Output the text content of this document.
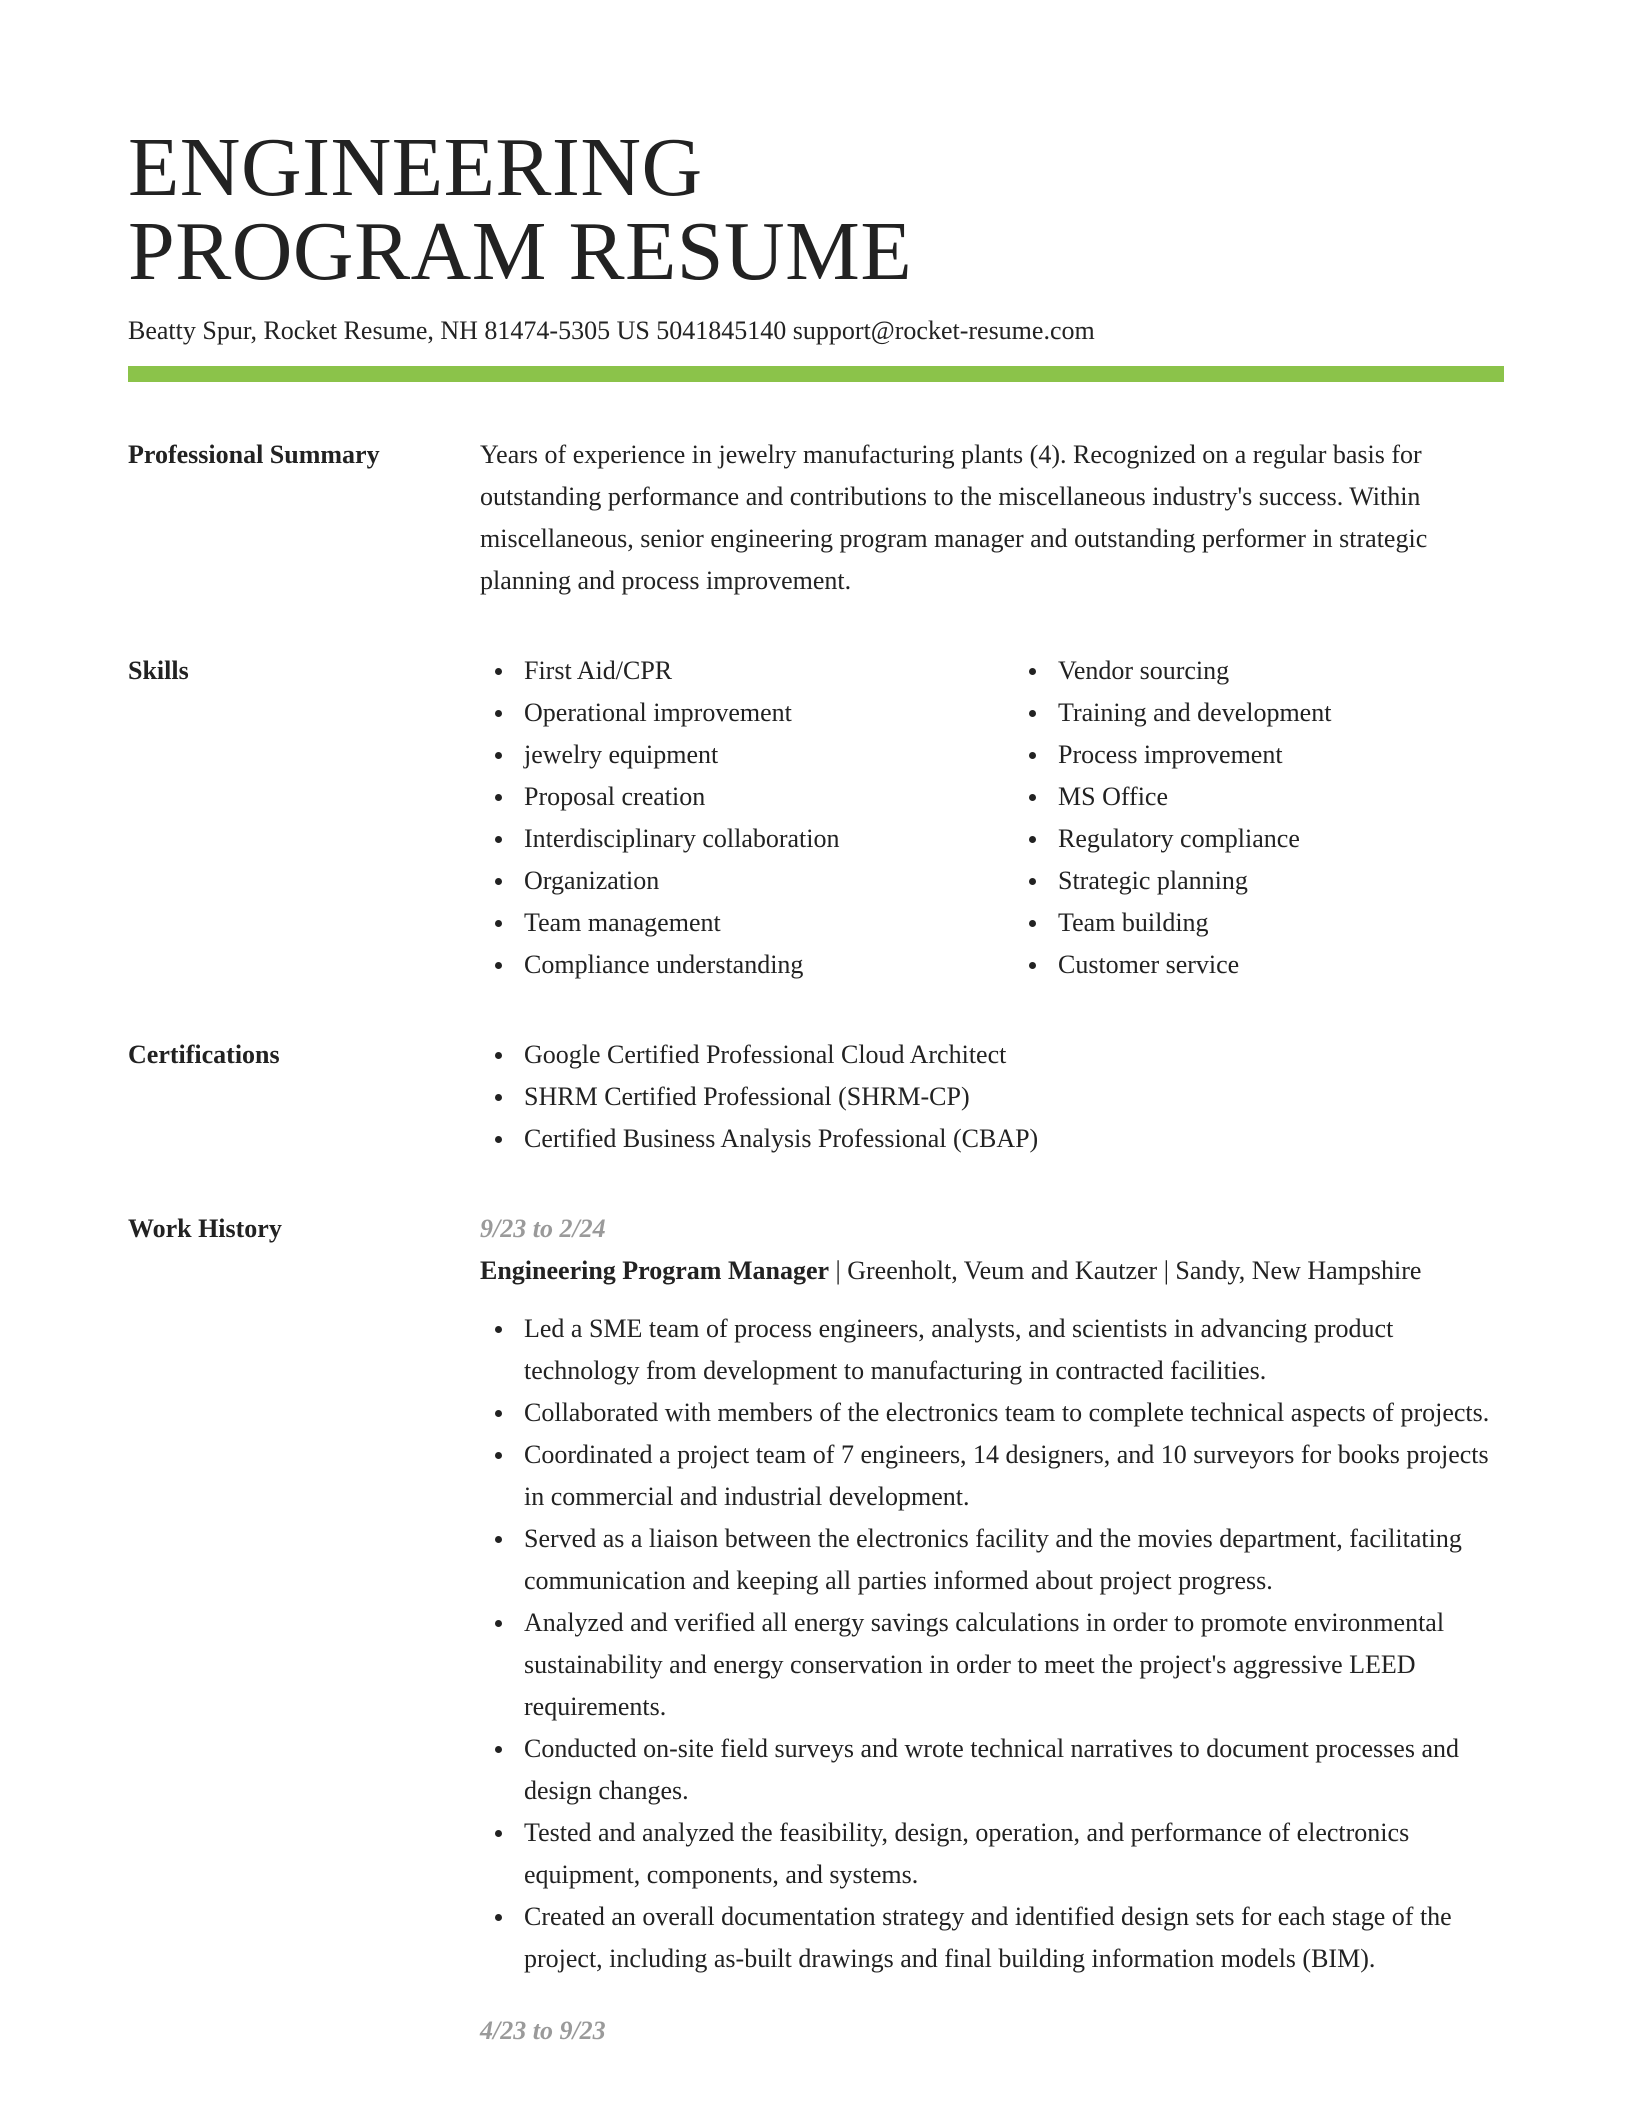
ENGINEERING
PROGRAM RESUME
Beatty Spur, Rocket Resume, NH 81474-5305 US 5041845140 support@rocket-resume.com
Professional Summary	Years of experience in jewelry manufacturing plants (4). Recognized on a regular basis for outstanding performance and contributions to the miscellaneous industry's success. Within miscellaneous, senior engineering program manager and outstanding performer in strategic planning and process improvement.

Skills	First Aid/CPR
Operational improvement
jewelry equipment
Proposal creation
Interdisciplinary collaboration
Organization
Team management
Compliance understanding
Vendor sourcing
Training and development
Process improvement
MS Office
Regulatory compliance
Strategic planning
Team building
Customer service
Certifications	Google Certified Professional Cloud Architect
SHRM Certified Professional (SHRM-CP)
Certified Business Analysis Professional (CBAP)
Work History	9/23 to 2/24
Engineering Program Manager | Greenholt, Veum and Kautzer | Sandy, New Hampshire
Led a SME team of process engineers, analysts, and scientists in advancing product technology from development to manufacturing in contracted facilities.
Collaborated with members of the electronics team to complete technical aspects of projects.
Coordinated a project team of 7 engineers, 14 designers, and 10 surveyors for books projects in commercial and industrial development.
Served as a liaison between the electronics facility and the movies department, facilitating communication and keeping all parties informed about project progress.
Analyzed and verified all energy savings calculations in order to promote environmental sustainability and energy conservation in order to meet the project's aggressive LEED requirements.
Conducted on-site field surveys and wrote technical narratives to document processes and design changes.
Tested and analyzed the feasibility, design, operation, and performance of electronics equipment, components, and systems.
Created an overall documentation strategy and identified design sets for each stage of the project, including as-built drawings and final building information models (BIM).
4/23 to 9/23
